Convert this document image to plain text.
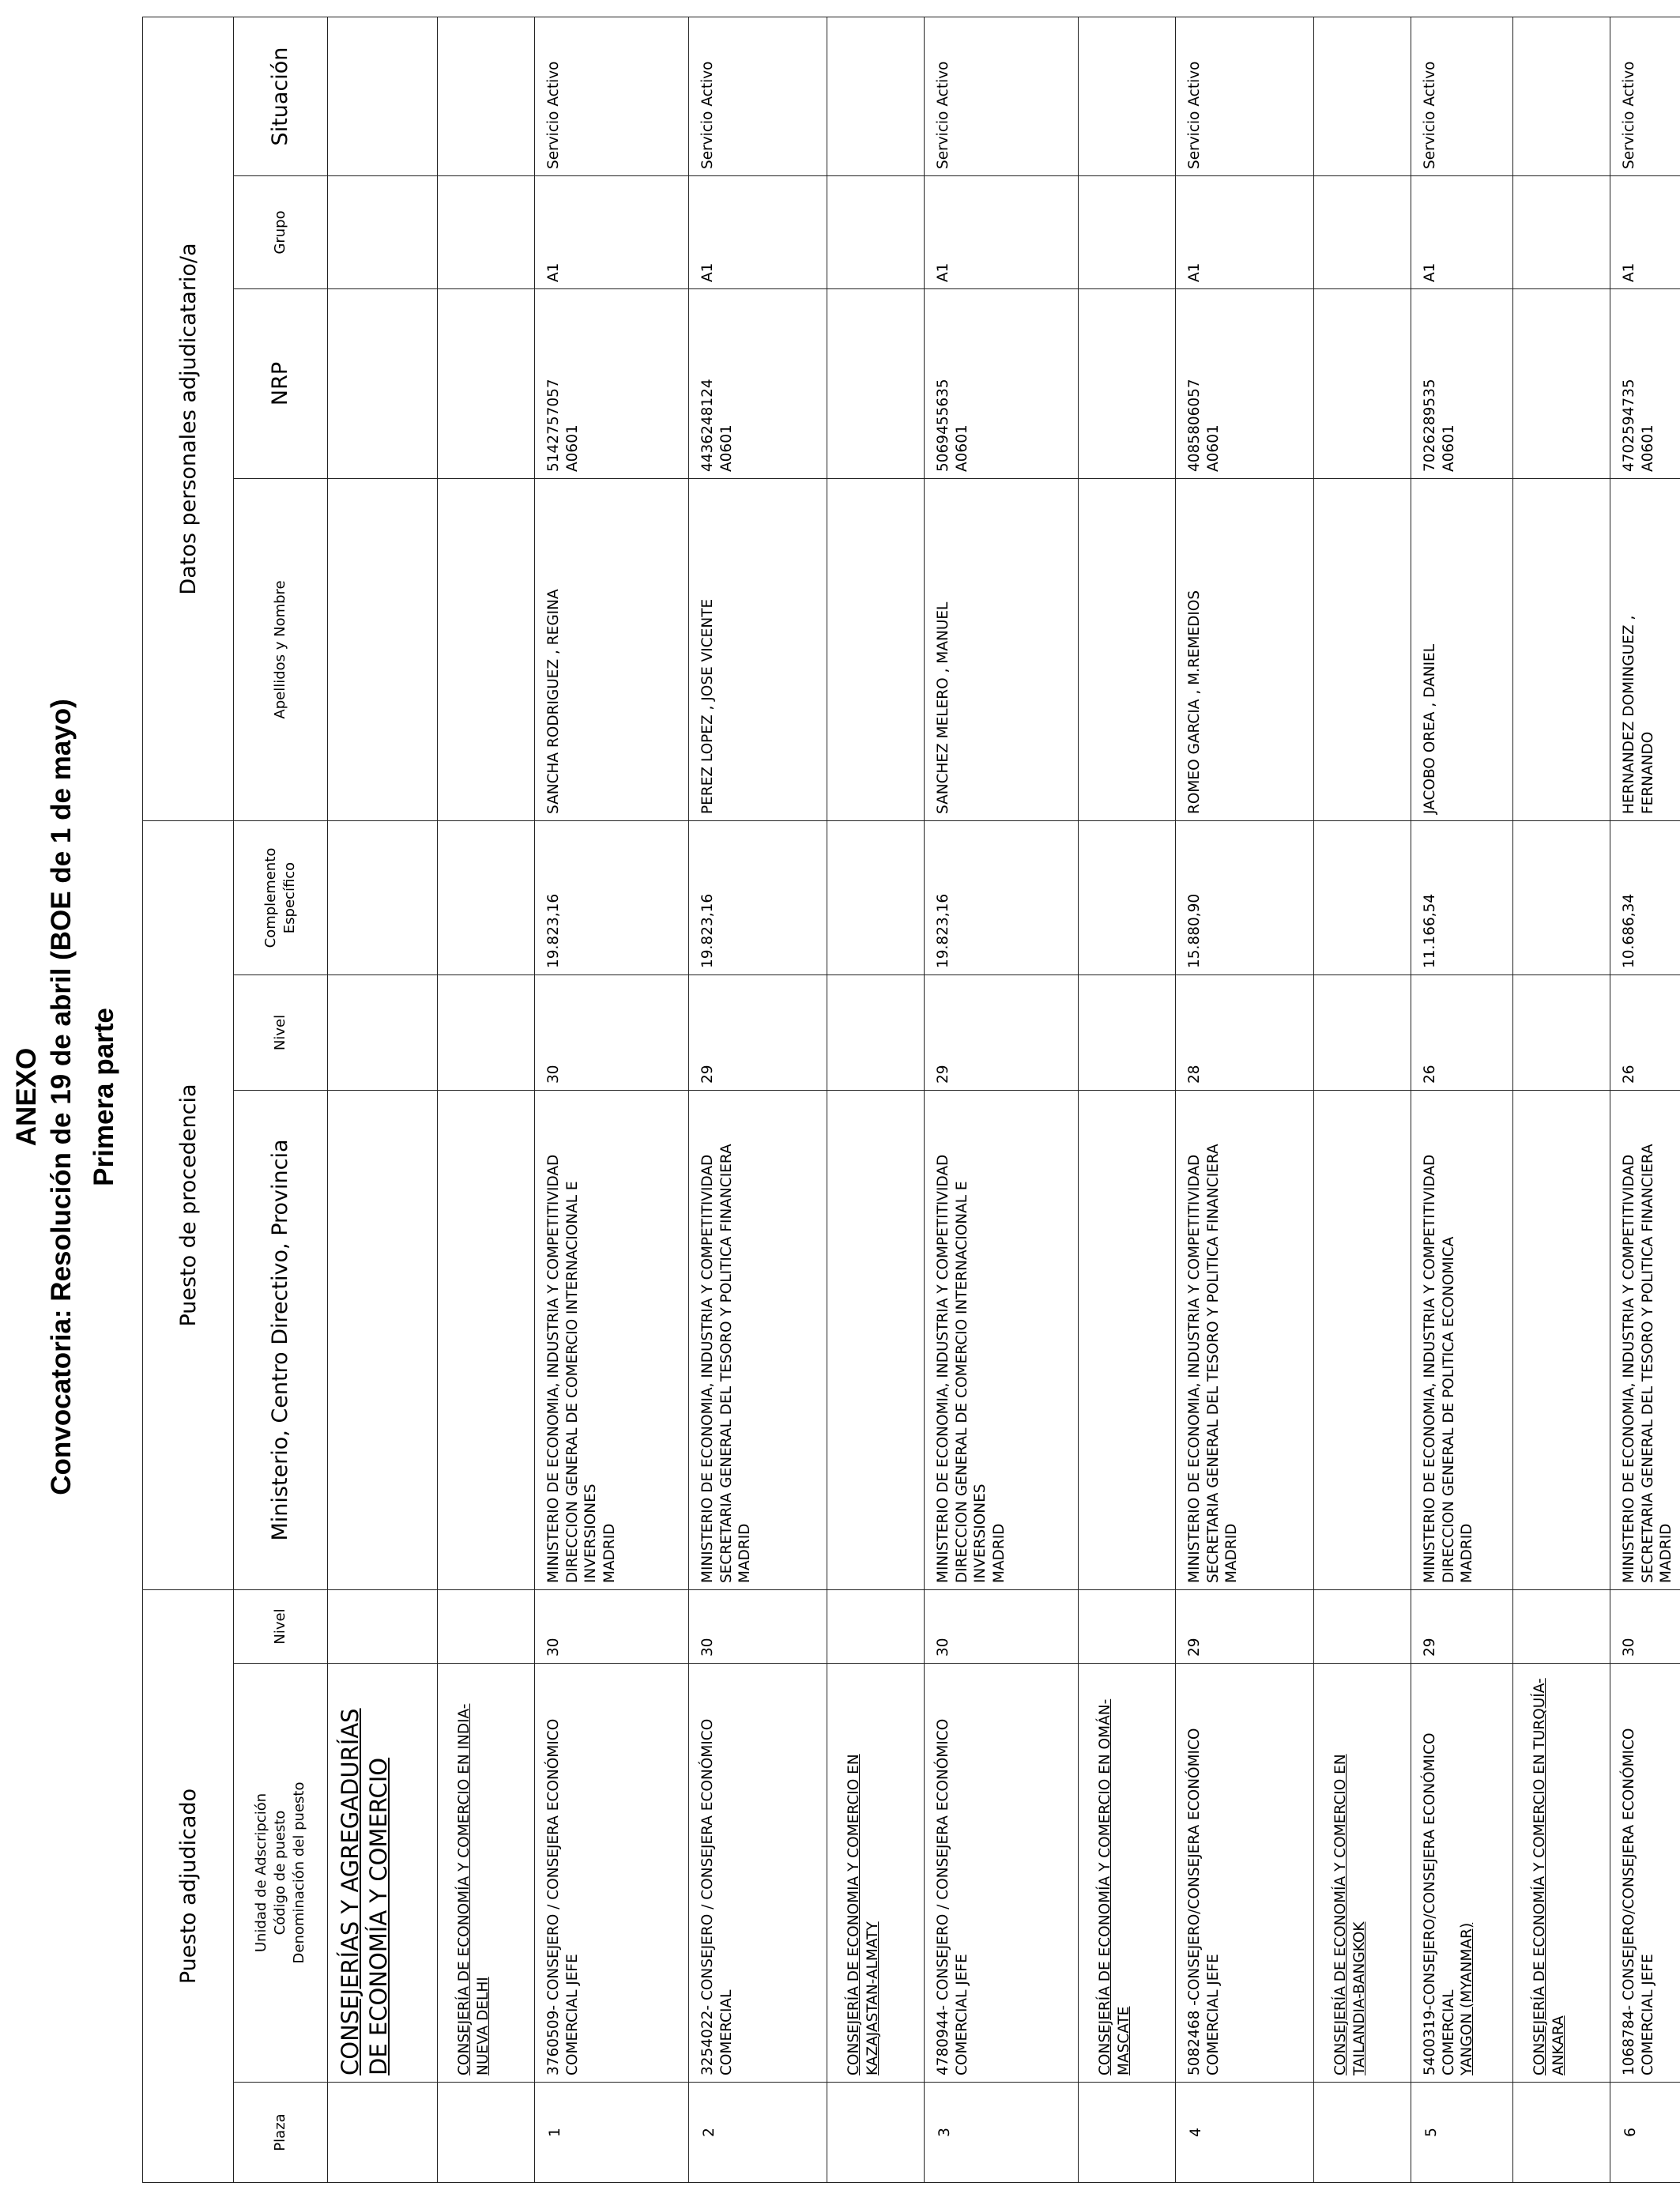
ANEXO Convocatoria: Resolución de 19 de abril (BOE de 1 de mayo) Primera parte
Puesto adjudicado			Puesto de procedencia			Datos personales adjudicatario/a			
Plaza	Unidad de Adscripción
Código de puesto
Denominación del puesto	Nivel	Ministerio, Centro Directivo, Provincia	Nivel	Complemento
Específico	Apellidos y Nombre	NRP	Grupo	Situación
	CONSEJERÍAS Y AGREGADURÍAS DE ECONOMÍA Y COMERCIO								
	CONSEJERÍA DE ECONOMÍA Y COMERCIO EN INDIA-NUEVA DELHI								
1	3760509- CONSEJERO / CONSEJERA ECONÓMICO COMERCIAL JEFE	30	MINISTERIO DE ECONOMIA, INDUSTRIA Y COMPETITIVIDAD
DIRECCION GENERAL DE COMERCIO INTERNACIONAL E INVERSIONES
MADRID	30	19.823,16	SANCHA RODRIGUEZ , REGINA	5142757057
A0601	A1	Servicio Activo
2	3254022- CONSEJERO / CONSEJERA ECONÓMICO COMERCIAL	30	MINISTERIO DE ECONOMIA, INDUSTRIA Y COMPETITIVIDAD
SECRETARIA GENERAL DEL TESORO Y POLITICA FINANCIERA
MADRID	29	19.823,16	PEREZ LOPEZ , JOSE VICENTE	4436248124
A0601	A1	Servicio Activo
	CONSEJERÍA DE ECONOMIA Y COMERCIO EN KAZAJASTAN-ALMATY								
3	4780944- CONSEJERO / CONSEJERA ECONÓMICO COMERCIAL JEFE	30	MINISTERIO DE ECONOMIA, INDUSTRIA Y COMPETITIVIDAD
DIRECCION GENERAL DE COMERCIO INTERNACIONAL E INVERSIONES
MADRID	29	19.823,16	SANCHEZ MELERO , MANUEL	5069455635
A0601	A1	Servicio Activo
	CONSEJERÍA DE ECONOMÍA Y COMERCIO EN OMÁN-MASCATE								
4	5082468 -CONSEJERO/CONSEJERA ECONÓMICO COMERCIAL JEFE	29	MINISTERIO DE ECONOMIA, INDUSTRIA Y COMPETITIVIDAD
SECRETARIA GENERAL DEL TESORO Y POLITICA FINANCIERA
MADRID	28	15.880,90	ROMEO GARCIA , M.REMEDIOS	4085806057
A0601	A1	Servicio Activo
	CONSEJERÍA DE ECONOMÍA Y COMERCIO EN TAILANDIA-BANGKOK								
5	5400319-CONSEJERO/CONSEJERA ECONÓMICO COMERCIAL YANGON (MYANMAR)	29	MINISTERIO DE ECONOMIA, INDUSTRIA Y COMPETITIVIDAD
DIRECCION GENERAL DE POLITICA ECONOMICA
MADRID	26	11.166,54	JACOBO OREA , DANIEL	7026289535
A0601	A1	Servicio Activo
	CONSEJERÍA DE ECONOMÍA Y COMERCIO EN TURQUÍA-ANKARA								
6	1068784- CONSEJERO/CONSEJERA ECONÓMICO COMERCIAL JEFE	30	MINISTERIO DE ECONOMIA, INDUSTRIA Y COMPETITIVIDAD
SECRETARIA GENERAL DEL TESORO Y POLITICA FINANCIERA
MADRID	26	10.686,34	HERNANDEZ DOMINGUEZ ,
FERNANDO	4702594735
A0601	A1	Servicio Activo
